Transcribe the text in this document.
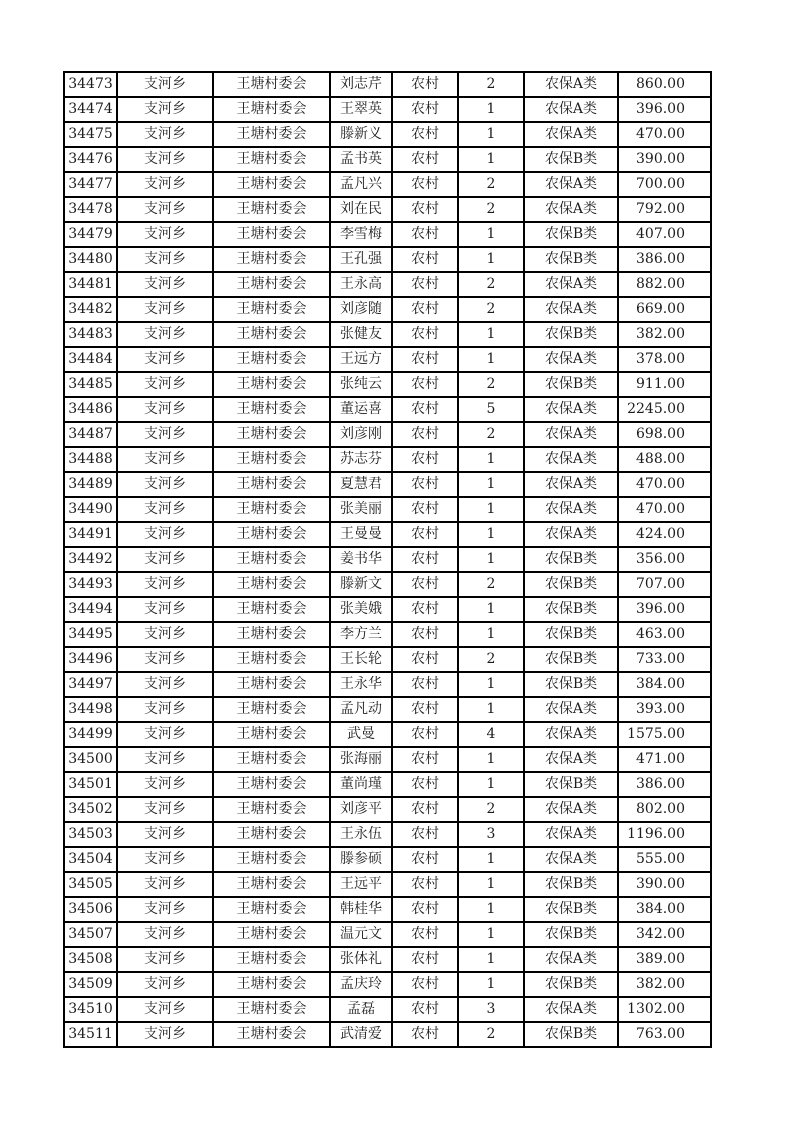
34473	支河乡	王塘村委会	刘志芹	农村	2	农保A类	860.00
34474	支河乡	王塘村委会	王翠英	农村	1	农保A类	396.00
34475	支河乡	王塘村委会	滕新义	农村	1	农保A类	470.00
34476	支河乡	王塘村委会	孟书英	农村	1	农保B类	390.00
34477	支河乡	王塘村委会	孟凡兴	农村	2	农保A类	700.00
34478	支河乡	王塘村委会	刘在民	农村	2	农保A类	792.00
34479	支河乡	王塘村委会	李雪梅	农村	1	农保B类	407.00
34480	支河乡	王塘村委会	王孔强	农村	1	农保B类	386.00
34481	支河乡	王塘村委会	王永高	农村	2	农保A类	882.00
34482	支河乡	王塘村委会	刘彦随	农村	2	农保A类	669.00
34483	支河乡	王塘村委会	张健友	农村	1	农保B类	382.00
34484	支河乡	王塘村委会	王远方	农村	1	农保A类	378.00
34485	支河乡	王塘村委会	张纯云	农村	2	农保B类	911.00
34486	支河乡	王塘村委会	董运喜	农村	5	农保A类	2245.00
34487	支河乡	王塘村委会	刘彦刚	农村	2	农保A类	698.00
34488	支河乡	王塘村委会	苏志芬	农村	1	农保A类	488.00
34489	支河乡	王塘村委会	夏慧君	农村	1	农保A类	470.00
34490	支河乡	王塘村委会	张美丽	农村	1	农保A类	470.00
34491	支河乡	王塘村委会	王曼曼	农村	1	农保A类	424.00
34492	支河乡	王塘村委会	姜书华	农村	1	农保B类	356.00
34493	支河乡	王塘村委会	滕新文	农村	2	农保B类	707.00
34494	支河乡	王塘村委会	张美娥	农村	1	农保B类	396.00
34495	支河乡	王塘村委会	李方兰	农村	1	农保B类	463.00
34496	支河乡	王塘村委会	王长轮	农村	2	农保B类	733.00
34497	支河乡	王塘村委会	王永华	农村	1	农保B类	384.00
34498	支河乡	王塘村委会	孟凡动	农村	1	农保A类	393.00
34499	支河乡	王塘村委会	武曼	农村	4	农保A类	1575.00
34500	支河乡	王塘村委会	张海丽	农村	1	农保A类	471.00
34501	支河乡	王塘村委会	董尚瑾	农村	1	农保B类	386.00
34502	支河乡	王塘村委会	刘彦平	农村	2	农保A类	802.00
34503	支河乡	王塘村委会	王永伍	农村	3	农保A类	1196.00
34504	支河乡	王塘村委会	滕参硕	农村	1	农保A类	555.00
34505	支河乡	王塘村委会	王远平	农村	1	农保B类	390.00
34506	支河乡	王塘村委会	韩桂华	农村	1	农保B类	384.00
34507	支河乡	王塘村委会	温元文	农村	1	农保B类	342.00
34508	支河乡	王塘村委会	张体礼	农村	1	农保A类	389.00
34509	支河乡	王塘村委会	孟庆玲	农村	1	农保B类	382.00
34510	支河乡	王塘村委会	孟磊	农村	3	农保A类	1302.00
34511	支河乡	王塘村委会	武清爱	农村	2	农保B类	763.00
